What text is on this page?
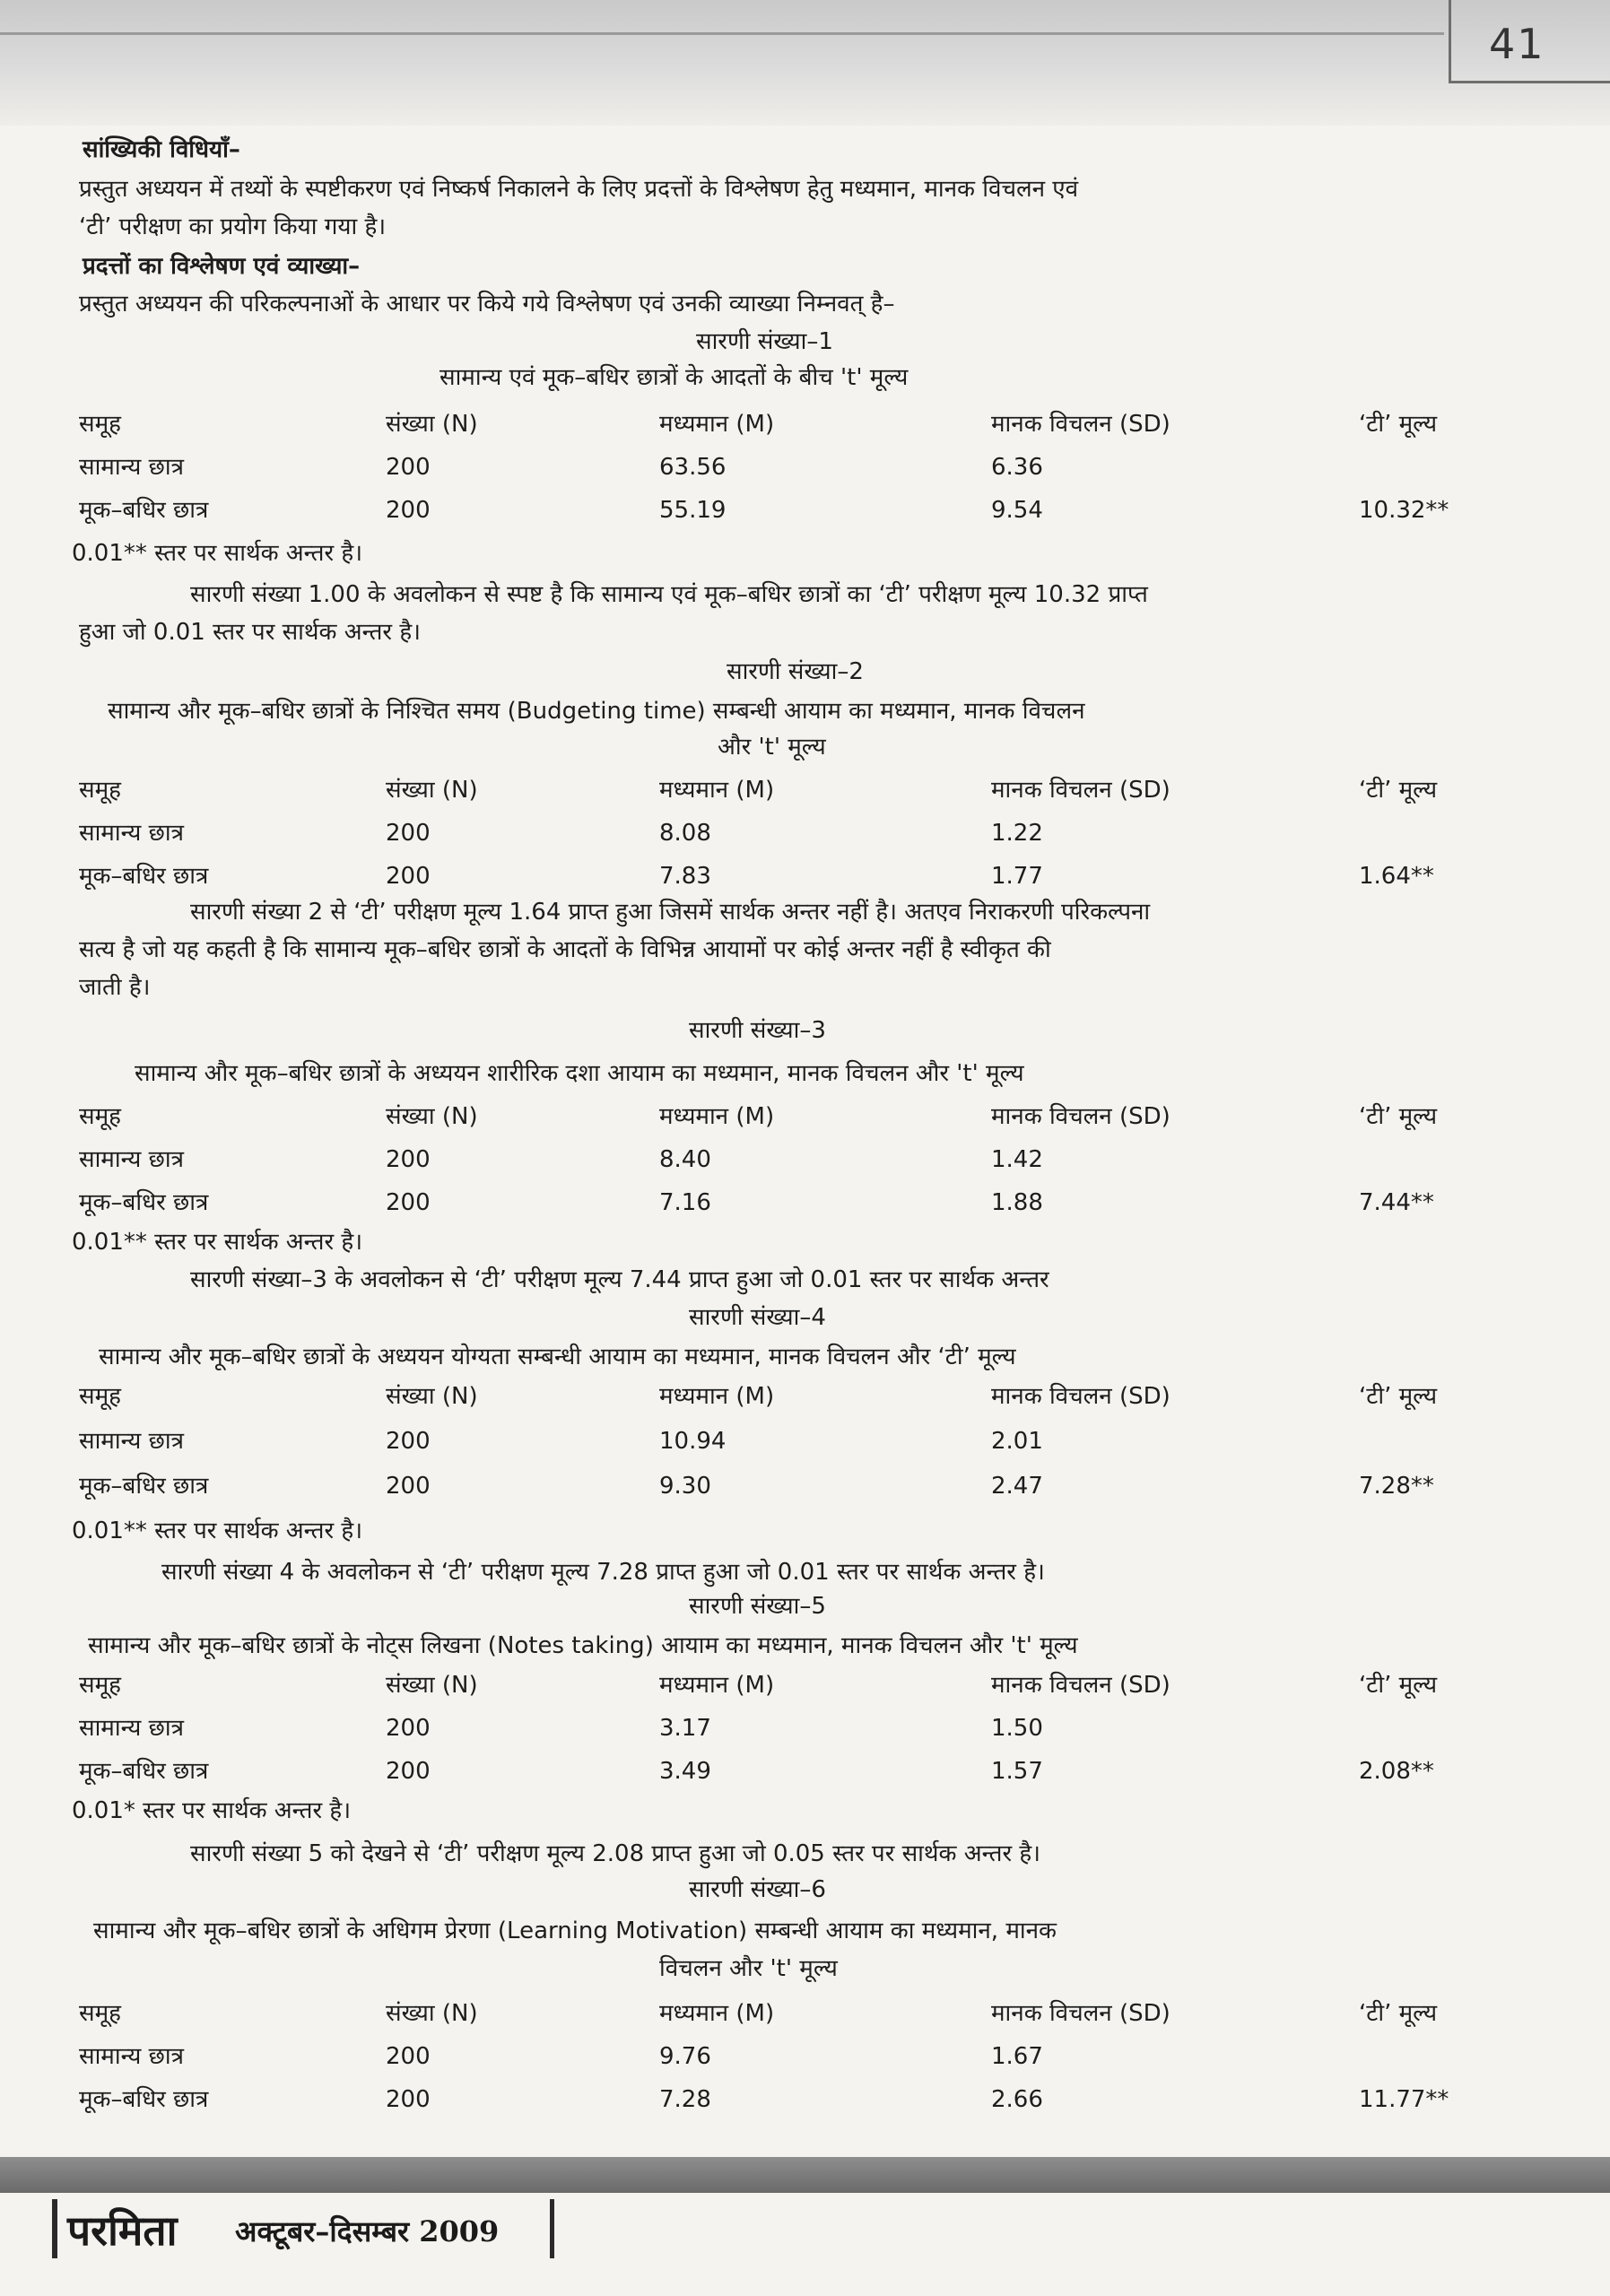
41
सांख्यिकी विधियाँ–
प्रस्तुत अध्ययन में तथ्यों के स्पष्टीकरण एवं निष्कर्ष निकालने के लिए प्रदत्तों के विश्लेषण हेतु मध्यमान, मानक विचलन एवं
‘टी’ परीक्षण का प्रयोग किया गया है।
प्रदत्तों का विश्लेषण एवं व्याख्या–
प्रस्तुत अध्ययन की परिकल्पनाओं के आधार पर किये गये विश्लेषण एवं उनकी व्याख्या निम्नवत् है–
सारणी संख्या–1
सामान्य एवं मूक–बधिर छात्रों के आदतों के बीच 't' मूल्य
समूह	संख्या (N)	मध्यमान (M)	मानक विचलन (SD)	‘टी’ मूल्य
सामान्य छात्र	200	63.56	6.36
मूक–बधिर छात्र	200	55.19	9.54	10.32**
0.01** स्तर पर सार्थक अन्तर है।
सारणी संख्या 1.00 के अवलोकन से स्पष्ट है कि सामान्य एवं मूक–बधिर छात्रों का ‘टी’ परीक्षण मूल्य 10.32 प्राप्त
हुआ जो 0.01 स्तर पर सार्थक अन्तर है।
सारणी संख्या–2
सामान्य और मूक–बधिर छात्रों के निश्चित समय (Budgeting time) सम्बन्धी आयाम का मध्यमान, मानक विचलन
और 't' मूल्य
समूह	संख्या (N)	मध्यमान (M)	मानक विचलन (SD)	‘टी’ मूल्य
सामान्य छात्र	200	8.08	1.22
मूक–बधिर छात्र	200	7.83	1.77	1.64**
सारणी संख्या 2 से ‘टी’ परीक्षण मूल्य 1.64 प्राप्त हुआ जिसमें सार्थक अन्तर नहीं है। अतएव निराकरणी परिकल्पना
सत्य है जो यह कहती है कि सामान्य मूक–बधिर छात्रों के आदतों के विभिन्न आयामों पर कोई अन्तर नहीं है स्वीकृत की
जाती है।
सारणी संख्या–3
सामान्य और मूक–बधिर छात्रों के अध्ययन शारीरिक दशा आयाम का मध्यमान, मानक विचलन और 't' मूल्य
समूह	संख्या (N)	मध्यमान (M)	मानक विचलन (SD)	‘टी’ मूल्य
सामान्य छात्र	200	8.40	1.42
मूक–बधिर छात्र	200	7.16	1.88	7.44**
0.01** स्तर पर सार्थक अन्तर है।
सारणी संख्या–3 के अवलोकन से ‘टी’ परीक्षण मूल्य 7.44 प्राप्त हुआ जो 0.01 स्तर पर सार्थक अन्तर
सारणी संख्या–4
सामान्य और मूक–बधिर छात्रों के अध्ययन योग्यता सम्बन्धी आयाम का मध्यमान, मानक विचलन और ‘टी’ मूल्य
समूह	संख्या (N)	मध्यमान (M)	मानक विचलन (SD)	‘टी’ मूल्य
सामान्य छात्र	200	10.94	2.01
मूक–बधिर छात्र	200	9.30	2.47	7.28**
0.01** स्तर पर सार्थक अन्तर है।
सारणी संख्या 4 के अवलोकन से ‘टी’ परीक्षण मूल्य 7.28 प्राप्त हुआ जो 0.01 स्तर पर सार्थक अन्तर है।
सारणी संख्या–5
सामान्य और मूक–बधिर छात्रों के नोट्स लिखना (Notes taking) आयाम का मध्यमान, मानक विचलन और 't' मूल्य
समूह	संख्या (N)	मध्यमान (M)	मानक विचलन (SD)	‘टी’ मूल्य
सामान्य छात्र	200	3.17	1.50
मूक–बधिर छात्र	200	3.49	1.57	2.08**
0.01* स्तर पर सार्थक अन्तर है।
सारणी संख्या 5 को देखने से ‘टी’ परीक्षण मूल्य 2.08 प्राप्त हुआ जो 0.05 स्तर पर सार्थक अन्तर है।
सारणी संख्या–6
सामान्य और मूक–बधिर छात्रों के अधिगम प्रेरणा (Learning Motivation) सम्बन्धी आयाम का मध्यमान, मानक
विचलन और 't' मूल्य
समूह	संख्या (N)	मध्यमान (M)	मानक विचलन (SD)	‘टी’ मूल्य
सामान्य छात्र	200	9.76	1.67
मूक–बधिर छात्र	200	7.28	2.66	11.77**
परमिता अक्टूबर–दिसम्बर 2009
